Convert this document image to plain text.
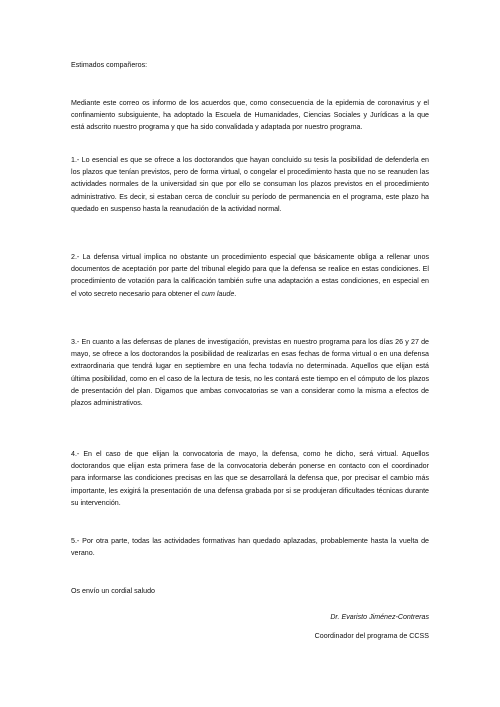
Estimados compañeros:

Mediante este correo os informo de los acuerdos que, como consecuencia de la epidemia de coronavirus y el confinamiento subsiguiente, ha adoptado la Escuela de Humanidades, Ciencias Sociales y Jurídicas a la que está adscrito nuestro programa y que ha sido convalidada y adaptada por nuestro programa.

1.- Lo esencial es que se ofrece a los doctorandos que hayan concluido su tesis la posibilidad de defenderla en los plazos que tenían previstos, pero de forma virtual, o congelar el procedimiento hasta que no se reanuden las actividades normales de la universidad sin que por ello se consuman los plazos previstos en el procedimiento administrativo. Es decir, si estaban cerca de concluir su período de permanencia en el programa, este plazo ha quedado en suspenso hasta la reanudación de la actividad normal.

2.- La defensa virtual implica no obstante un procedimiento especial que básicamente obliga a rellenar unos documentos de aceptación por parte del tribunal elegido para que la defensa se realice en estas condiciones. El procedimiento de votación para la calificación también sufre una adaptación a estas condiciones, en especial en el voto secreto necesario para obtener el cum laude.

3.- En cuanto a las defensas de planes de investigación, previstas en nuestro programa para los días 26 y 27 de mayo, se ofrece a los doctorandos la posibilidad de realizarlas en esas fechas de forma virtual o en una defensa extraordinaria que tendrá lugar en septiembre en una fecha todavía no determinada. Aquellos que elijan está última posibilidad, como en el caso de la lectura de tesis, no les contará este tiempo en el cómputo de los plazos de presentación del plan. Digamos que ambas convocatorias se van a considerar como la misma a efectos de plazos administrativos.

4.- En el caso de que elijan la convocatoria de mayo, la defensa, como he dicho, será virtual. Aquellos doctorandos que elijan esta primera fase de la convocatoria deberán ponerse en contacto con el coordinador para informarse las condiciones precisas en las que se desarrollará la defensa que, por precisar el cambio más importante, les exigirá la presentación de una defensa grabada por si se produjeran dificultades técnicas durante su intervención.

5.- Por otra parte, todas las actividades formativas han quedado aplazadas, probablemente hasta la vuelta de verano.

Os envío un cordial saludo

Dr. Evaristo Jiménez-Contreras

Coordinador del programa de CCSS
